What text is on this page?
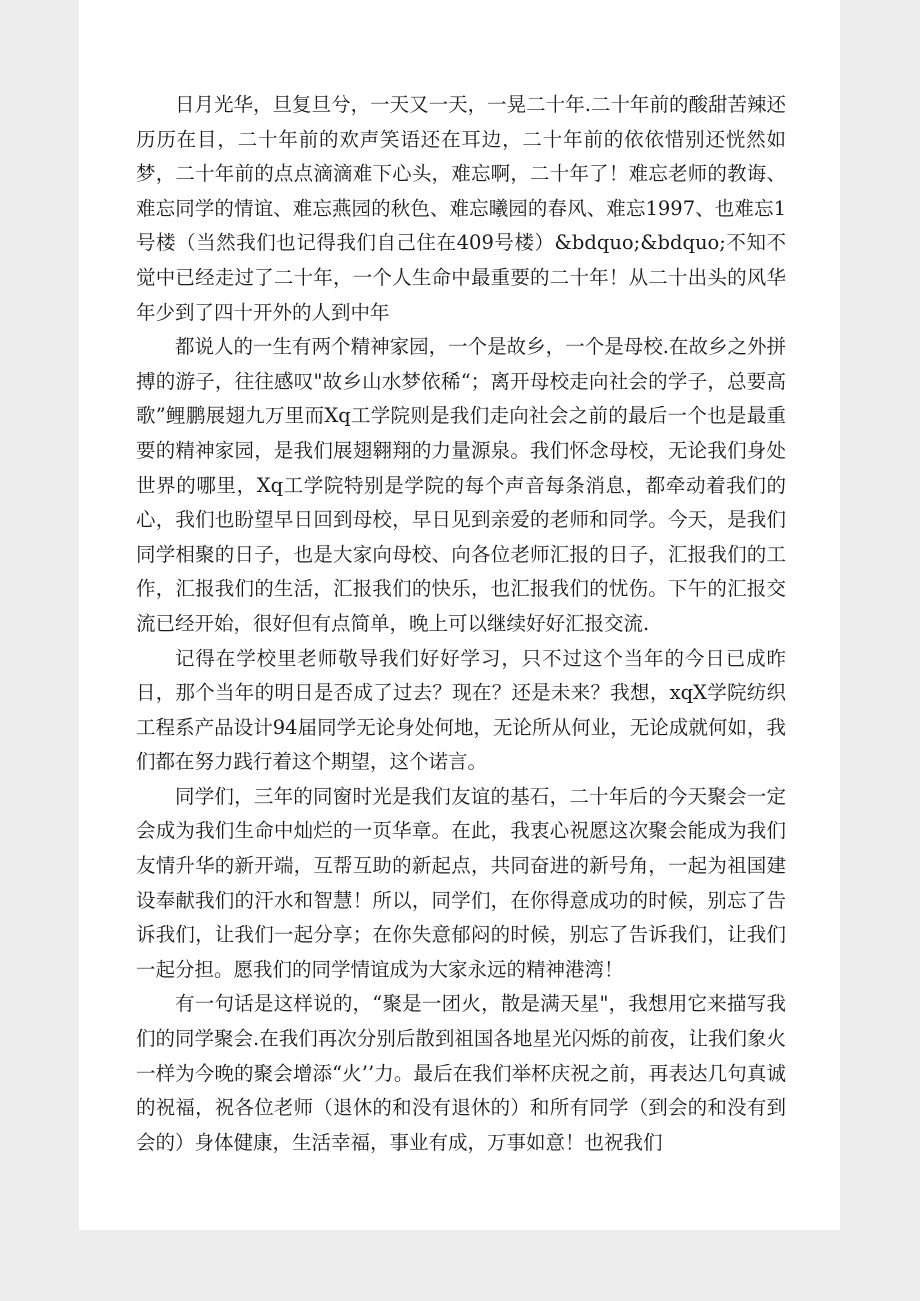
日月光华，旦复旦兮，一天又一天，一晃二十年.二十年前的酸甜苦辣还历历在目，二十年前的欢声笑语还在耳边，二十年前的依依惜别还恍然如梦，二十年前的点点滴滴难下心头，难忘啊，二十年了！难忘老师的教诲、难忘同学的情谊、难忘燕园的秋色、难忘曦园的春风、难忘1997、也难忘1号楼（当然我们也记得我们自己住在409号楼）&bdquo;&bdquo;不知不觉中已经走过了二十年，一个人生命中最重要的二十年！从二十出头的风华年少到了四十开外的人到中年

都说人的一生有两个精神家园，一个是故乡，一个是母校.在故乡之外拼搏的游子，往往感叹"故乡山水梦依稀“；离开母校走向社会的学子，总要高歌”鲤鹏展翅九万里而Xq工学院则是我们走向社会之前的最后一个也是最重要的精神家园，是我们展翅翱翔的力量源泉。我们怀念母校，无论我们身处世界的哪里，Xq工学院特别是学院的每个声音每条消息，都牵动着我们的心，我们也盼望早日回到母校，早日见到亲爱的老师和同学。今天，是我们同学相聚的日子，也是大家向母校、向各位老师汇报的日子，汇报我们的工作，汇报我们的生活，汇报我们的快乐，也汇报我们的忧伤。下午的汇报交流已经开始，很好但有点简单，晚上可以继续好好汇报交流.

记得在学校里老师敬导我们好好学习，只不过这个当年的今日已成昨日，那个当年的明日是否成了过去？现在？还是未来？我想，xqX学院纺织工程系产品设计94届同学无论身处何地，无论所从何业，无论成就何如，我们都在努力践行着这个期望，这个诺言。

同学们，三年的同窗时光是我们友谊的基石，二十年后的今天聚会一定会成为我们生命中灿烂的一页华章。在此，我衷心祝愿这次聚会能成为我们友情升华的新开端，互帮互助的新起点，共同奋进的新号角，一起为祖国建设奉献我们的汗水和智慧！所以，同学们，在你得意成功的时候，别忘了告诉我们，让我们一起分享；在你失意郁闷的时候，别忘了告诉我们，让我们一起分担。愿我们的同学情谊成为大家永远的精神港湾！

有一句话是这样说的，“聚是一团火，散是满天星"，我想用它来描写我们的同学聚会.在我们再次分别后散到祖国各地星光闪烁的前夜，让我们象火一样为今晚的聚会增添“火’’力。最后在我们举杯庆祝之前，再表达几句真诚的祝福，祝各位老师（退休的和没有退休的）和所有同学（到会的和没有到会的）身体健康，生活幸福，事业有成，万事如意！也祝我们
